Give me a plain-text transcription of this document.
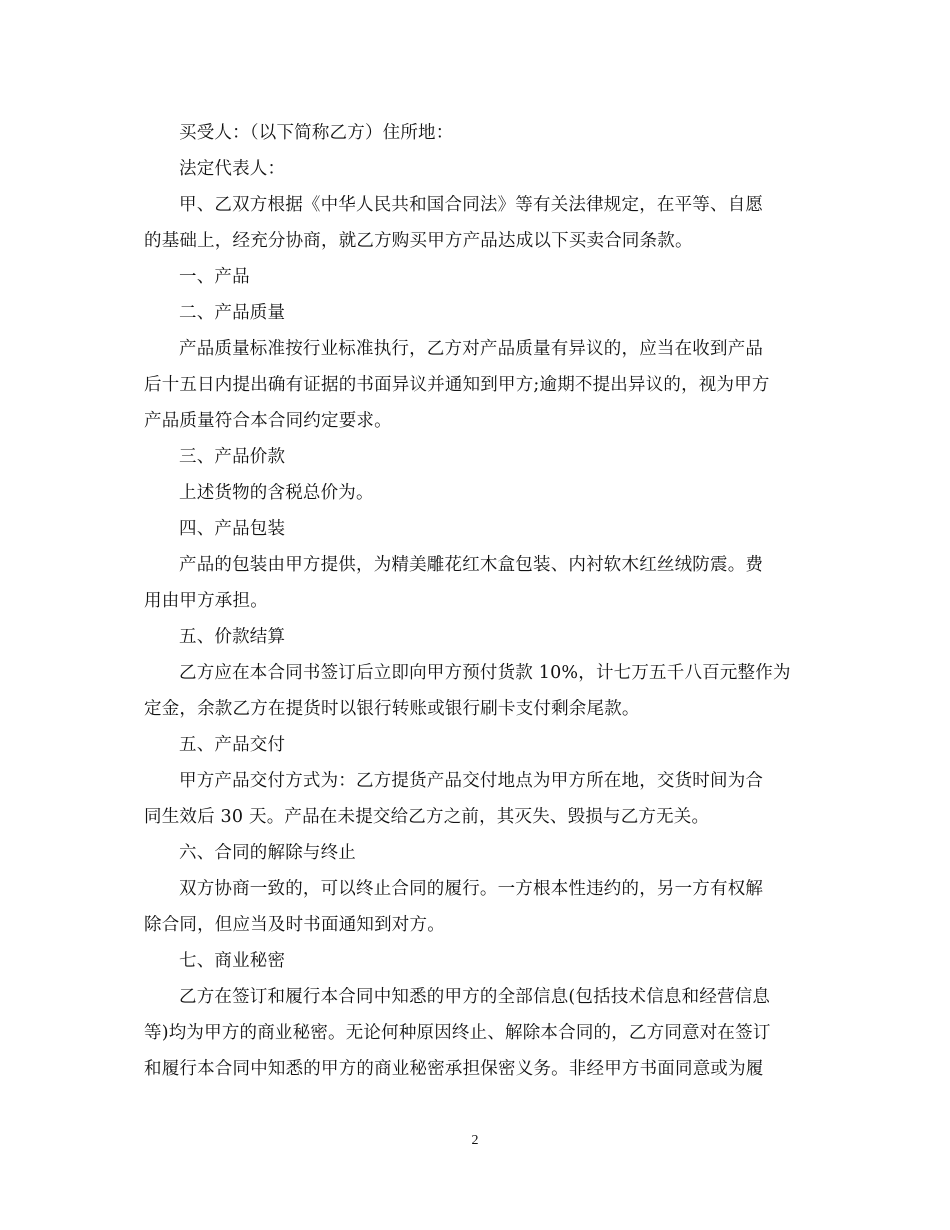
买受人：（以下简称乙方）住所地：
法定代表人：
甲、乙双方根据《中华人民共和国合同法》等有关法律规定，在平等、自愿
的基础上，经充分协商，就乙方购买甲方产品达成以下买卖合同条款。
一、产品
二、产品质量
产品质量标准按行业标准执行，乙方对产品质量有异议的，应当在收到产品
后十五日内提出确有证据的书面异议并通知到甲方;逾期不提出异议的，视为甲方
产品质量符合本合同约定要求。
三、产品价款
上述货物的含税总价为。
四、产品包装
产品的包装由甲方提供，为精美雕花红木盒包装、内衬软木红丝绒防震。费
用由甲方承担。
五、价款结算
乙方应在本合同书签订后立即向甲方预付货款 10%，计七万五千八百元整作为
定金，余款乙方在提货时以银行转账或银行刷卡支付剩余尾款。
五、产品交付
甲方产品交付方式为：乙方提货产品交付地点为甲方所在地，交货时间为合
同生效后 30 天。产品在未提交给乙方之前，其灭失、毁损与乙方无关。
六、合同的解除与终止
双方协商一致的，可以终止合同的履行。一方根本性违约的，另一方有权解
除合同，但应当及时书面通知到对方。
七、商业秘密
乙方在签订和履行本合同中知悉的甲方的全部信息(包括技术信息和经营信息
等)均为甲方的商业秘密。无论何种原因终止、解除本合同的，乙方同意对在签订
和履行本合同中知悉的甲方的商业秘密承担保密义务。非经甲方书面同意或为履
2
